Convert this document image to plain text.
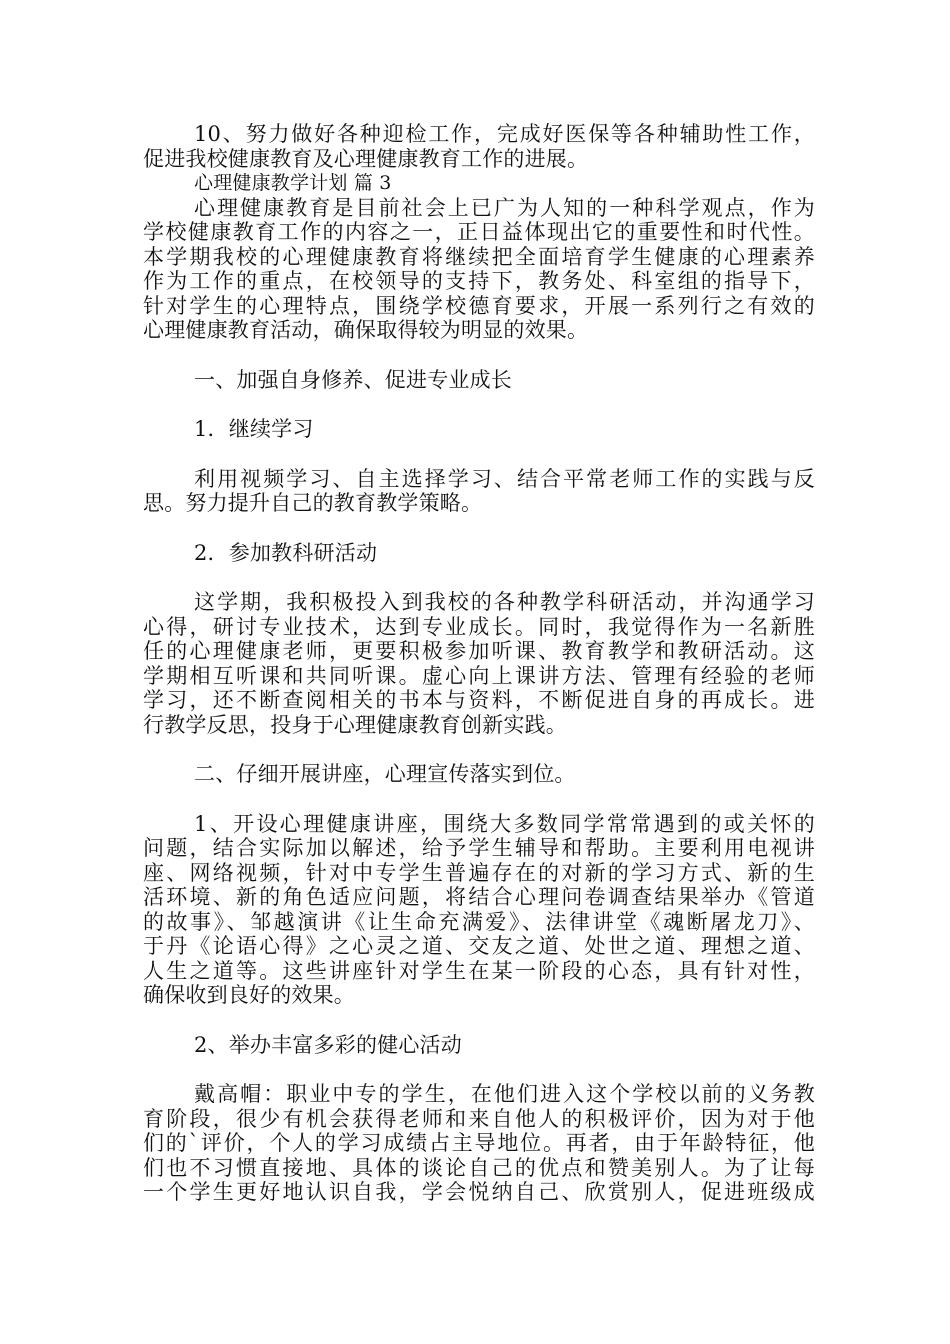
10、努力做好各种迎检工作，完成好医保等各种辅助性工作，
促进我校健康教育及心理健康教育工作的进展。
心理健康教学计划 篇 3
心理健康教育是目前社会上已广为人知的一种科学观点，作为
学校健康教育工作的内容之一，正日益体现出它的重要性和时代性。
本学期我校的心理健康教育将继续把全面培育学生健康的心理素养
作为工作的重点，在校领导的支持下，教务处、科室组的指导下，
针对学生的心理特点，围绕学校德育要求，开展一系列行之有效的
心理健康教育活动，确保取得较为明显的效果。
一、加强自身修养、促进专业成长
1．继续学习
利用视频学习、自主选择学习、结合平常老师工作的实践与反
思。努力提升自己的教育教学策略。
2．参加教科研活动
这学期，我积极投入到我校的各种教学科研活动，并沟通学习
心得，研讨专业技术，达到专业成长。同时，我觉得作为一名新胜
任的心理健康老师，更要积极参加听课、教育教学和教研活动。这
学期相互听课和共同听课。虚心向上课讲方法、管理有经验的老师
学习，还不断查阅相关的书本与资料，不断促进自身的再成长。进
行教学反思，投身于心理健康教育创新实践。
二、仔细开展讲座，心理宣传落实到位。
1、开设心理健康讲座，围绕大多数同学常常遇到的或关怀的
问题，结合实际加以解述，给予学生辅导和帮助。主要利用电视讲
座、网络视频，针对中专学生普遍存在的对新的学习方式、新的生
活环境、新的角色适应问题，将结合心理问卷调查结果举办《管道
的故事》、邹越演讲《让生命充满爱》、法律讲堂《魂断屠龙刀》、
于丹《论语心得》之心灵之道、交友之道、处世之道、理想之道、
人生之道等。这些讲座针对学生在某一阶段的心态，具有针对性，
确保收到良好的效果。
2、举办丰富多彩的健心活动
戴高帽：职业中专的学生，在他们进入这个学校以前的义务教
育阶段，很少有机会获得老师和来自他人的积极评价，因为对于他
们的`评价，个人的学习成绩占主导地位。再者，由于年龄特征，他
们也不习惯直接地、具体的谈论自己的优点和赞美别人。为了让每
一个学生更好地认识自我，学会悦纳自己、欣赏别人，促进班级成
